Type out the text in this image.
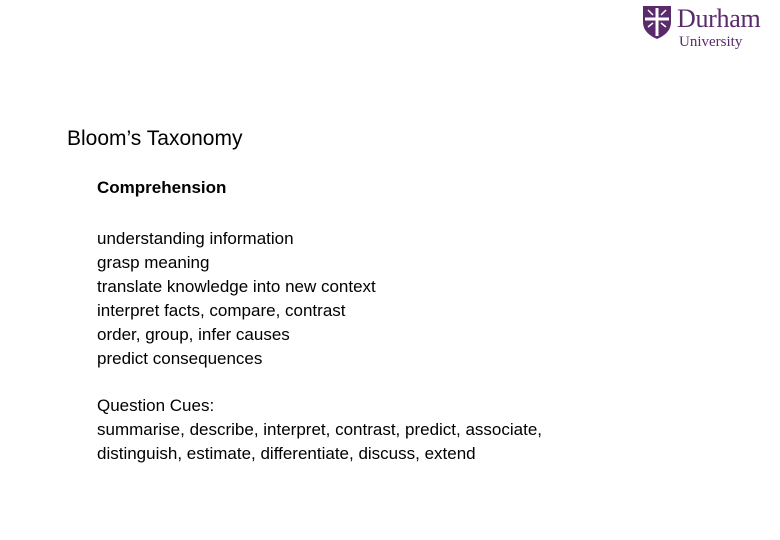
Durham
University
Bloom’s Taxonomy
Comprehension
understanding information
grasp meaning
translate knowledge into new context
interpret facts, compare, contrast
order, group, infer causes
predict consequences
Question Cues:
summarise, describe, interpret, contrast, predict, associate,
distinguish, estimate, differentiate, discuss, extend
